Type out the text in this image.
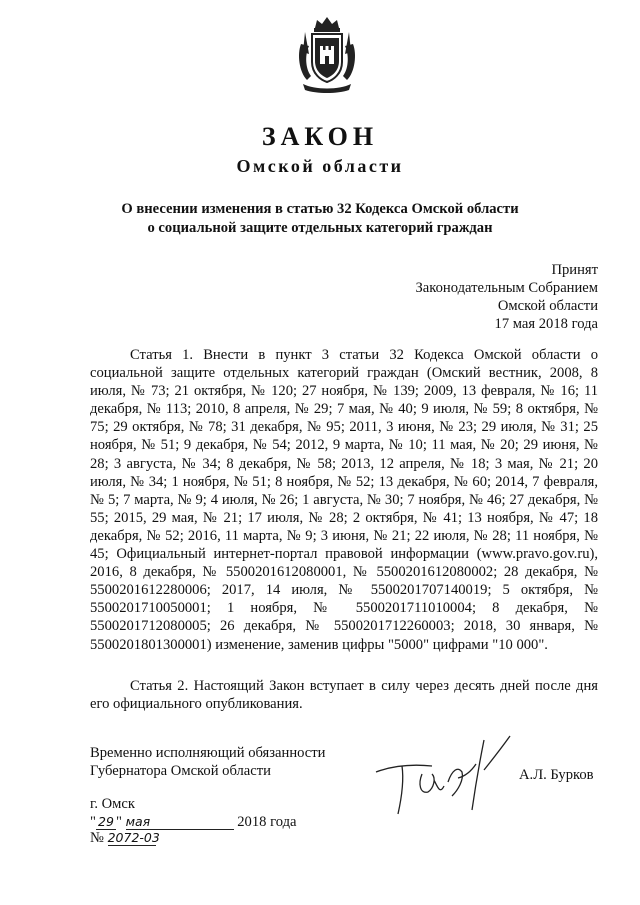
ЗАКОН
Омской области
О внесении изменения в статью 32 Кодекса Омской области
о социальной защите отдельных категорий граждан
Принят
Законодательным Собранием
Омской области
17 мая 2018 года
Статья 1. Внести в пункт 3 статьи 32 Кодекса Омской области о социальной защите отдельных категорий граждан (Омский вестник, 2008, 8 июля, № 73; 21 октября, № 120; 27 ноября, № 139; 2009, 13 февраля, № 16; 11 декабря, № 113; 2010, 8 апреля, № 29; 7 мая, № 40; 9 июля, № 59; 8 октября, № 75; 29 октября, № 78; 31 декабря, № 95; 2011, 3 июня, № 23; 29 июля, № 31; 25 ноября, № 51; 9 декабря, № 54; 2012, 9 марта, № 10; 11 мая, № 20; 29 июня, № 28; 3 августа, № 34; 8 декабря, № 58; 2013, 12 апреля, № 18; 3 мая, № 21; 20 июля, № 34; 1 ноября, № 51; 8 ноября, № 52; 13 декабря, № 60; 2014, 7 февраля, № 5; 7 марта, № 9; 4 июля, № 26; 1 августа, № 30; 7 ноября, № 46; 27 декабря, № 55; 2015, 29 мая, № 21; 17 июля, № 28; 2 октября, № 41; 13 ноября, № 47; 18 декабря, № 52; 2016, 11 марта, № 9; 3 июня, № 21; 22 июля, № 28; 11 ноября, № 45; Официальный интернет-портал правовой информации (www.pravo.gov.ru), 2016, 8 декабря, № 5500201612080001, № 5500201612080002; 28 декабря, № 5500201612280006; 2017, 14 июля, № 5500201707140019; 5 октября, № 5500201710050001; 1 ноября, № 5500201711010004; 8 декабря, № 5500201712080005; 26 декабря, № 5500201712260003; 2018, 30 января, № 5500201801300001) изменение, заменив цифры "5000" цифрами "10 000".
Статья 2. Настоящий Закон вступает в силу через десять дней после дня его официального опубликования.
Временно исполняющий обязанности
Губернатора Омской области	А.Л. Бурков
г. Омск
" 29 " мая	2018 года
№ 2072-03
